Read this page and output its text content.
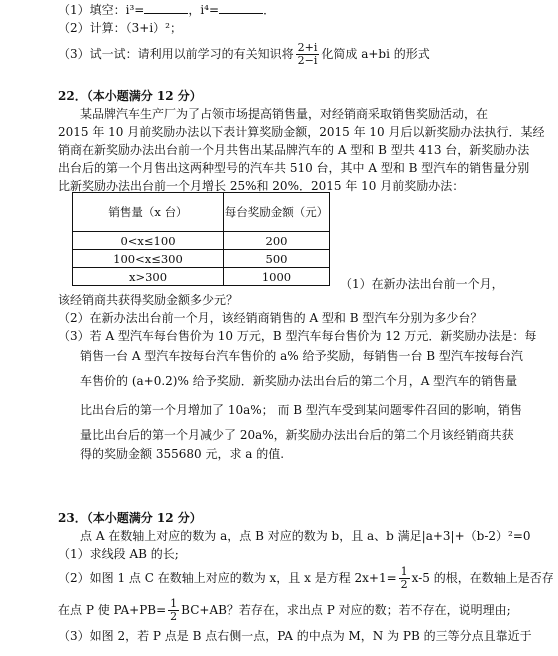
（1）填空：i³=	，i⁴=	．
（2）计算：（3+i）²；
（3）试一试：请利用以前学习的有关知识将 $\frac{2+i}{2-i}$ 化简成 a+bi 的形式
22．（本小题满分 12 分）
某品牌汽车生产厂为了占领市场提高销售量，对经销商采取销售奖励活动，在
2015 年 10 月前奖励办法以下表计算奖励金额，2015 年 10 月后以新奖励办法执行．某经
销商在新奖励办法出台前一个月共售出某品牌汽车的 A 型和 B 型共 413 台，新奖励办法
出台后的第一个月售出这两种型号的汽车共 510 台，其中 A 型和 B 型汽车的销售量分别
比新奖励办法出台前一个月增长 25%和 20%．2015 年 10 月前奖励办法：
销售量（x 台）	每台奖励金额（元）
0<x≤100	200
100<x≤300	500
x>300	1000
（1）在新办法出台前一个月，
该经销商共获得奖励金额多少元？
（2）在新办法出台前一个月，该经销商销售的 A 型和 B 型汽车分别为多少台？
（3）若 A 型汽车每台售价为 10 万元，B 型汽车每台售价为 12 万元．新奖励办法是：每
销售一台 A 型汽车按每台汽车售价的 a% 给予奖励，每销售一台 B 型汽车按每台汽
车售价的 (a+0.2)% 给予奖励．新奖励办法出台后的第二个月，A 型汽车的销售量
比出台后的第一个月增加了 10a%； 而 B 型汽车受到某问题零件召回的影响，销售
量比出台后的第一个月减少了 20a%，新奖励办法出台后的第二个月该经销商共获
得的奖励金额 355680 元，求 a 的值.
23．（本小题满分 12 分）
点 A 在数轴上对应的数为 a，点 B 对应的数为 b，且 a、b 满足|a+3|+（b-2）²=0
（1）求线段 AB 的长;
（2）如图 1 点 C 在数轴上对应的数为 x，且 x 是方程 $2x+1= \frac{1}{2} x-5$ 的根，在数轴上是否存
在点 P 使 $PA+PB= \frac{1}{2} BC+AB$？若存在，求出点 P 对应的数；若不存在，说明理由;
（3）如图 2，若 P 点是 B 点右侧一点，PA 的中点为 M，N 为 PB 的三等分点且靠近于
